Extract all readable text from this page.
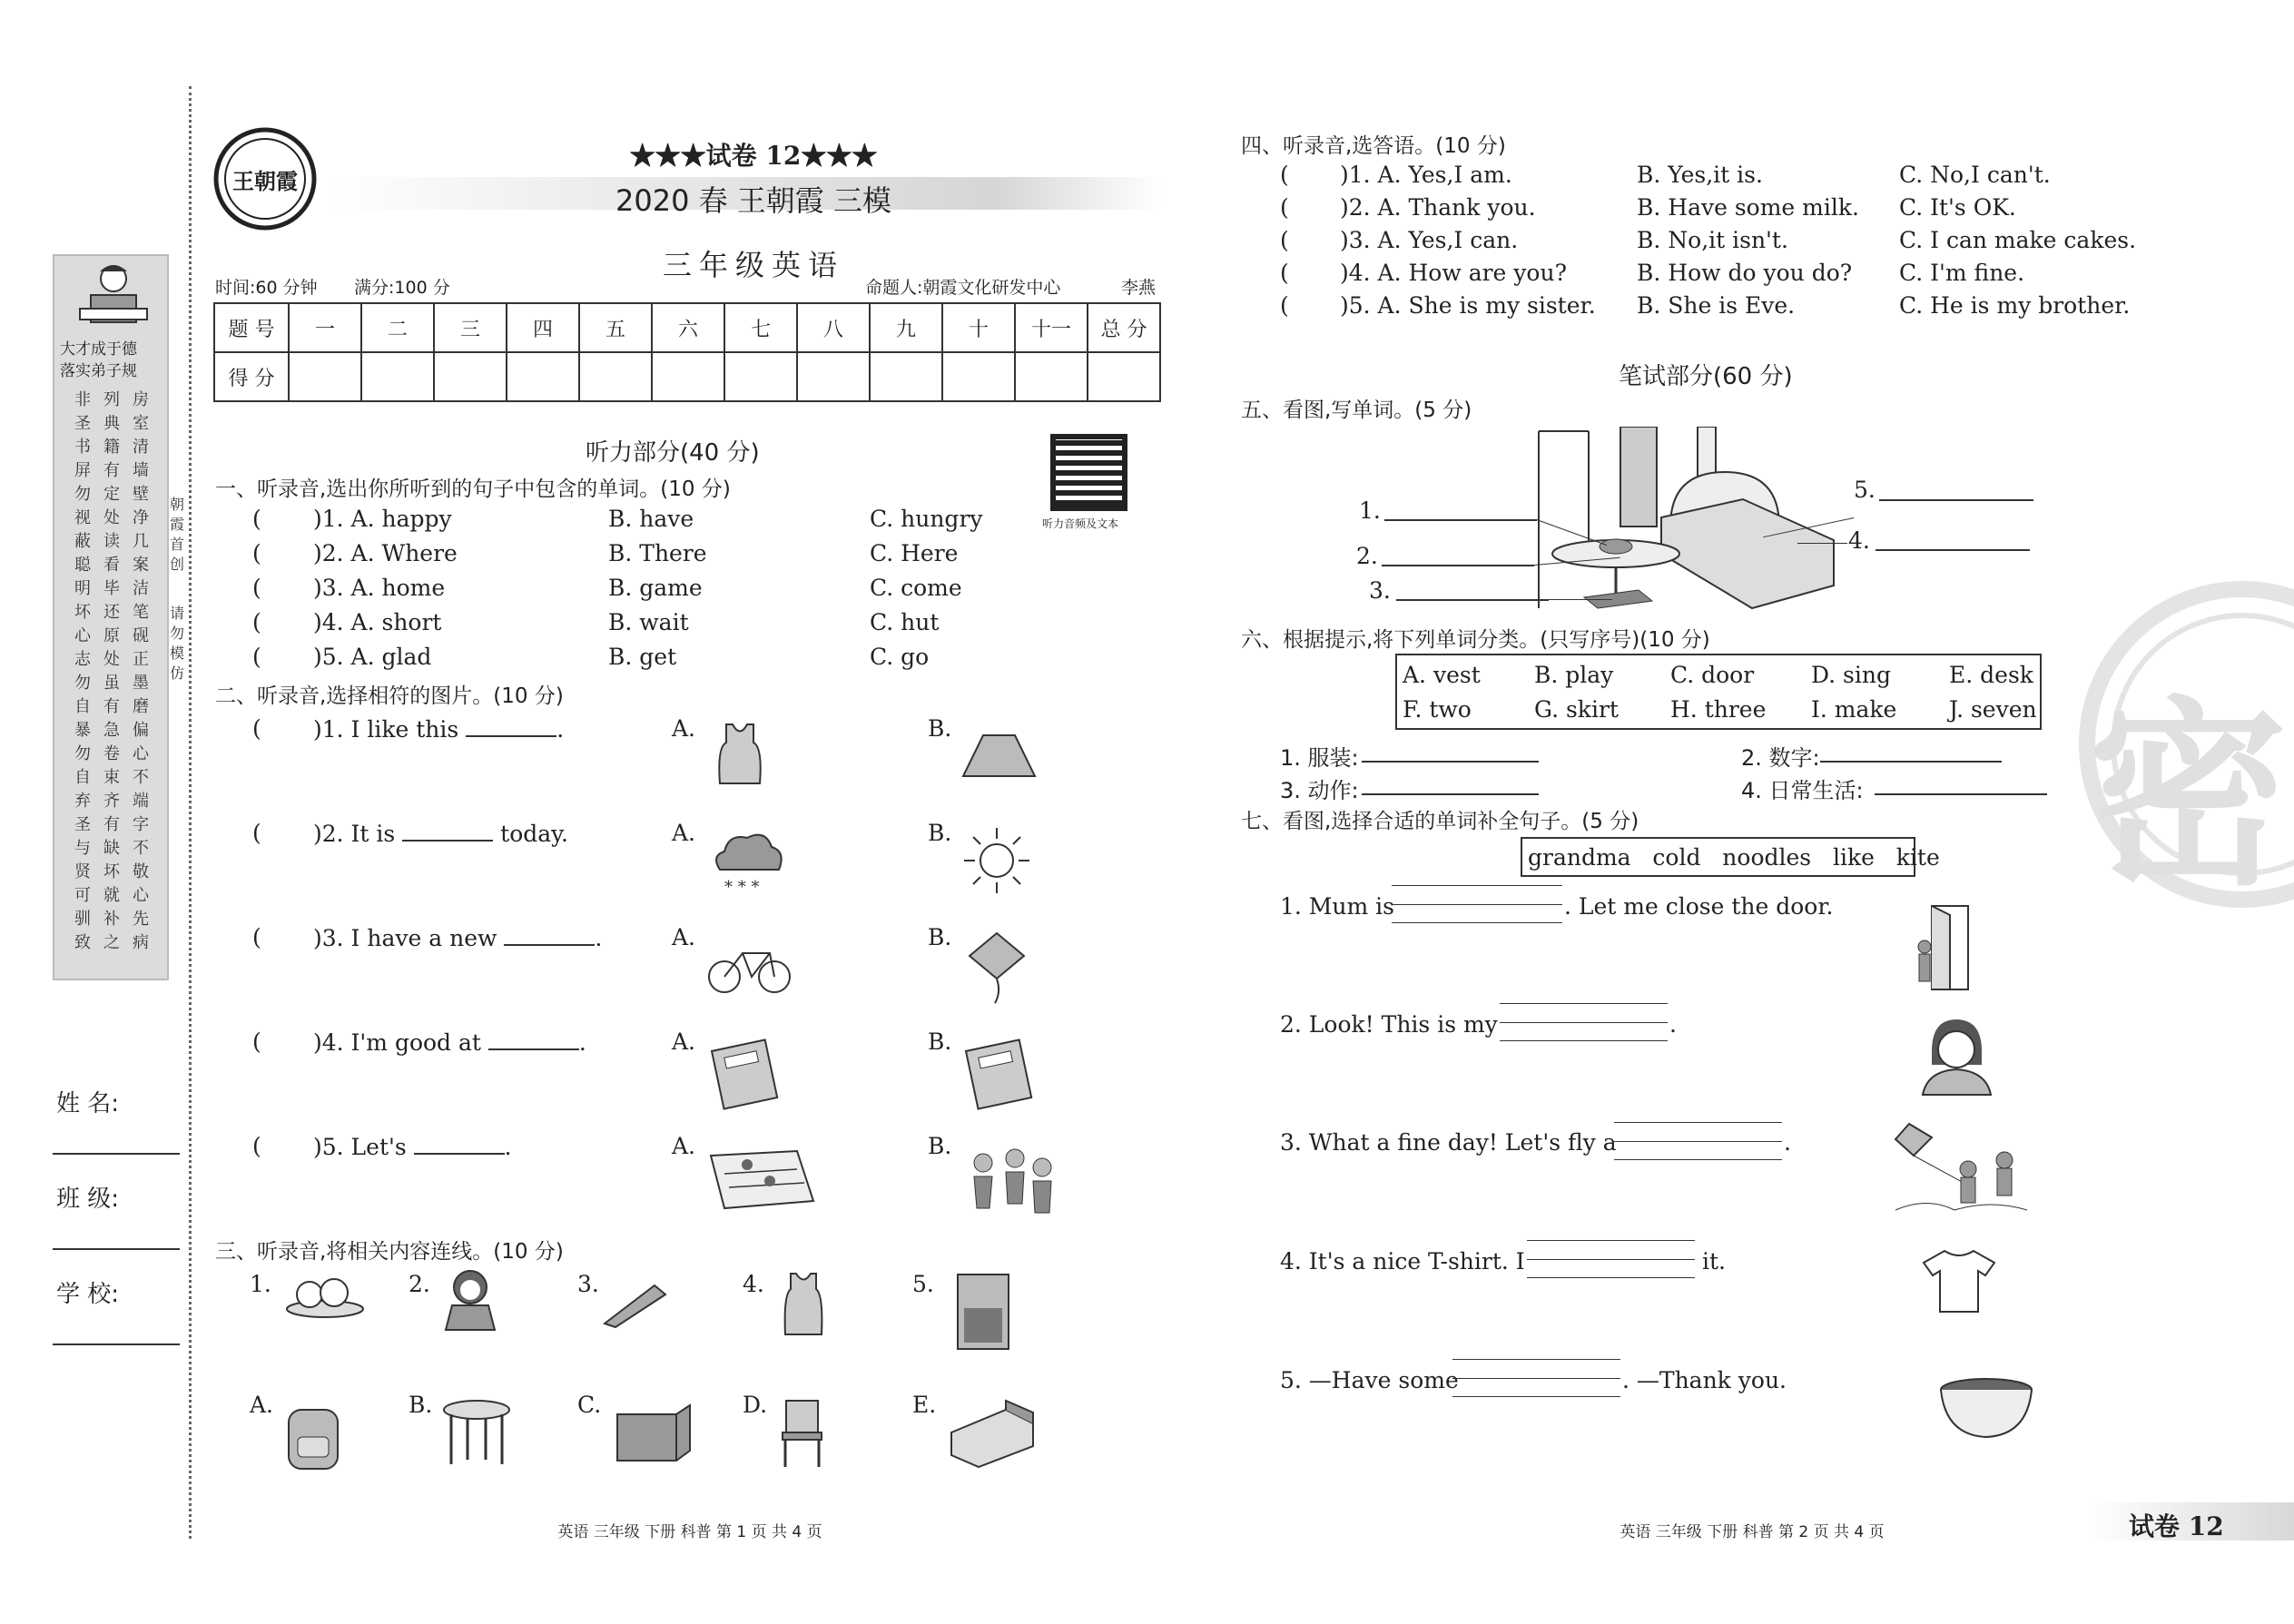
大才成于德
落实弟子规
非圣书屏勿视蔽聪明坏心志勿自暴勿自弃圣与贤可驯致
列典籍有定处读看毕还原处虽有急卷束齐有缺坏就补之
房室清墙壁净几案洁笔砚正墨磨偏心不端字不敬心先病
朝霞首创
请勿模仿
姓 名:
班 级:
学 校:
王朝霞
★★★试卷 12★★★
2020 春 王朝霞 三模
三年级英语
时间:60 分钟 满分:100 分	命题人:朝霞文化研发中心	李燕
题 号	一	二	三	四	五	六	七	八	九	十	十一	总 分
得 分												
听力部分(40 分)
听力音频及文本
一、听录音,选出你所听到的句子中包含的单词。(10 分)
( )1. A. happy	B. have	C. hungry
( )2. A. Where	B. There	C. Here
( )3. A. home	B. game	C. come
( )4. A. short	B. wait	C. hut
( )5. A. glad	B. get	C. go
二、听录音,选择相符的图片。(10 分)
( )1. I like this	.	A.	B.
( )2. It is	today.	A.	B.
* * *
( )3. I have a new	.	A.	B.
( )4. I'm good at	.	A.	B.
( )5. Let's	.	A.	B.
三、听录音,将相关内容连线。(10 分)
1.	2.	3.	4.	5.
A.	B.	C.	D.	E.
英语 三年级 下册 科普 第 1 页 共 4 页
密
四、听录音,选答语。(10 分)
( )1. A. Yes,I am.	B. Yes,it is.	C. No,I can't.
( )2. A. Thank you.	B. Have some milk. C. It's OK.
( )3. A. Yes,I can.	B. No,it isn't.	C. I can make cakes.
( )4. A. How are you?	B. How do you do? C. I'm fine.
( )5. A. She is my sister. B. She is Eve.	C. He is my brother.
笔试部分(60 分)
五、看图,写单词。(5 分)
1.
2.
3.
5.
4.
六、根据提示,将下列单词分类。(只写序号)(10 分)
A. vest B. play	C. door	D. sing	E. desk
F. two	G. skirt H. three I. make J. seven
1. 服装:	2. 数字:
3. 动作:	4. 日常生活:
七、看图,选择合适的单词补全句子。(5 分)
grandma   cold   noodles   like   kite
1. Mum is	. Let me close the door.
2. Look! This is my	.
3. What a fine day! Let's fly a	.
4. It's a nice T-shirt. I	it.
5. —Have some	. —Thank you.
英语 三年级 下册 科普 第 2 页 共 4 页	试卷 12
